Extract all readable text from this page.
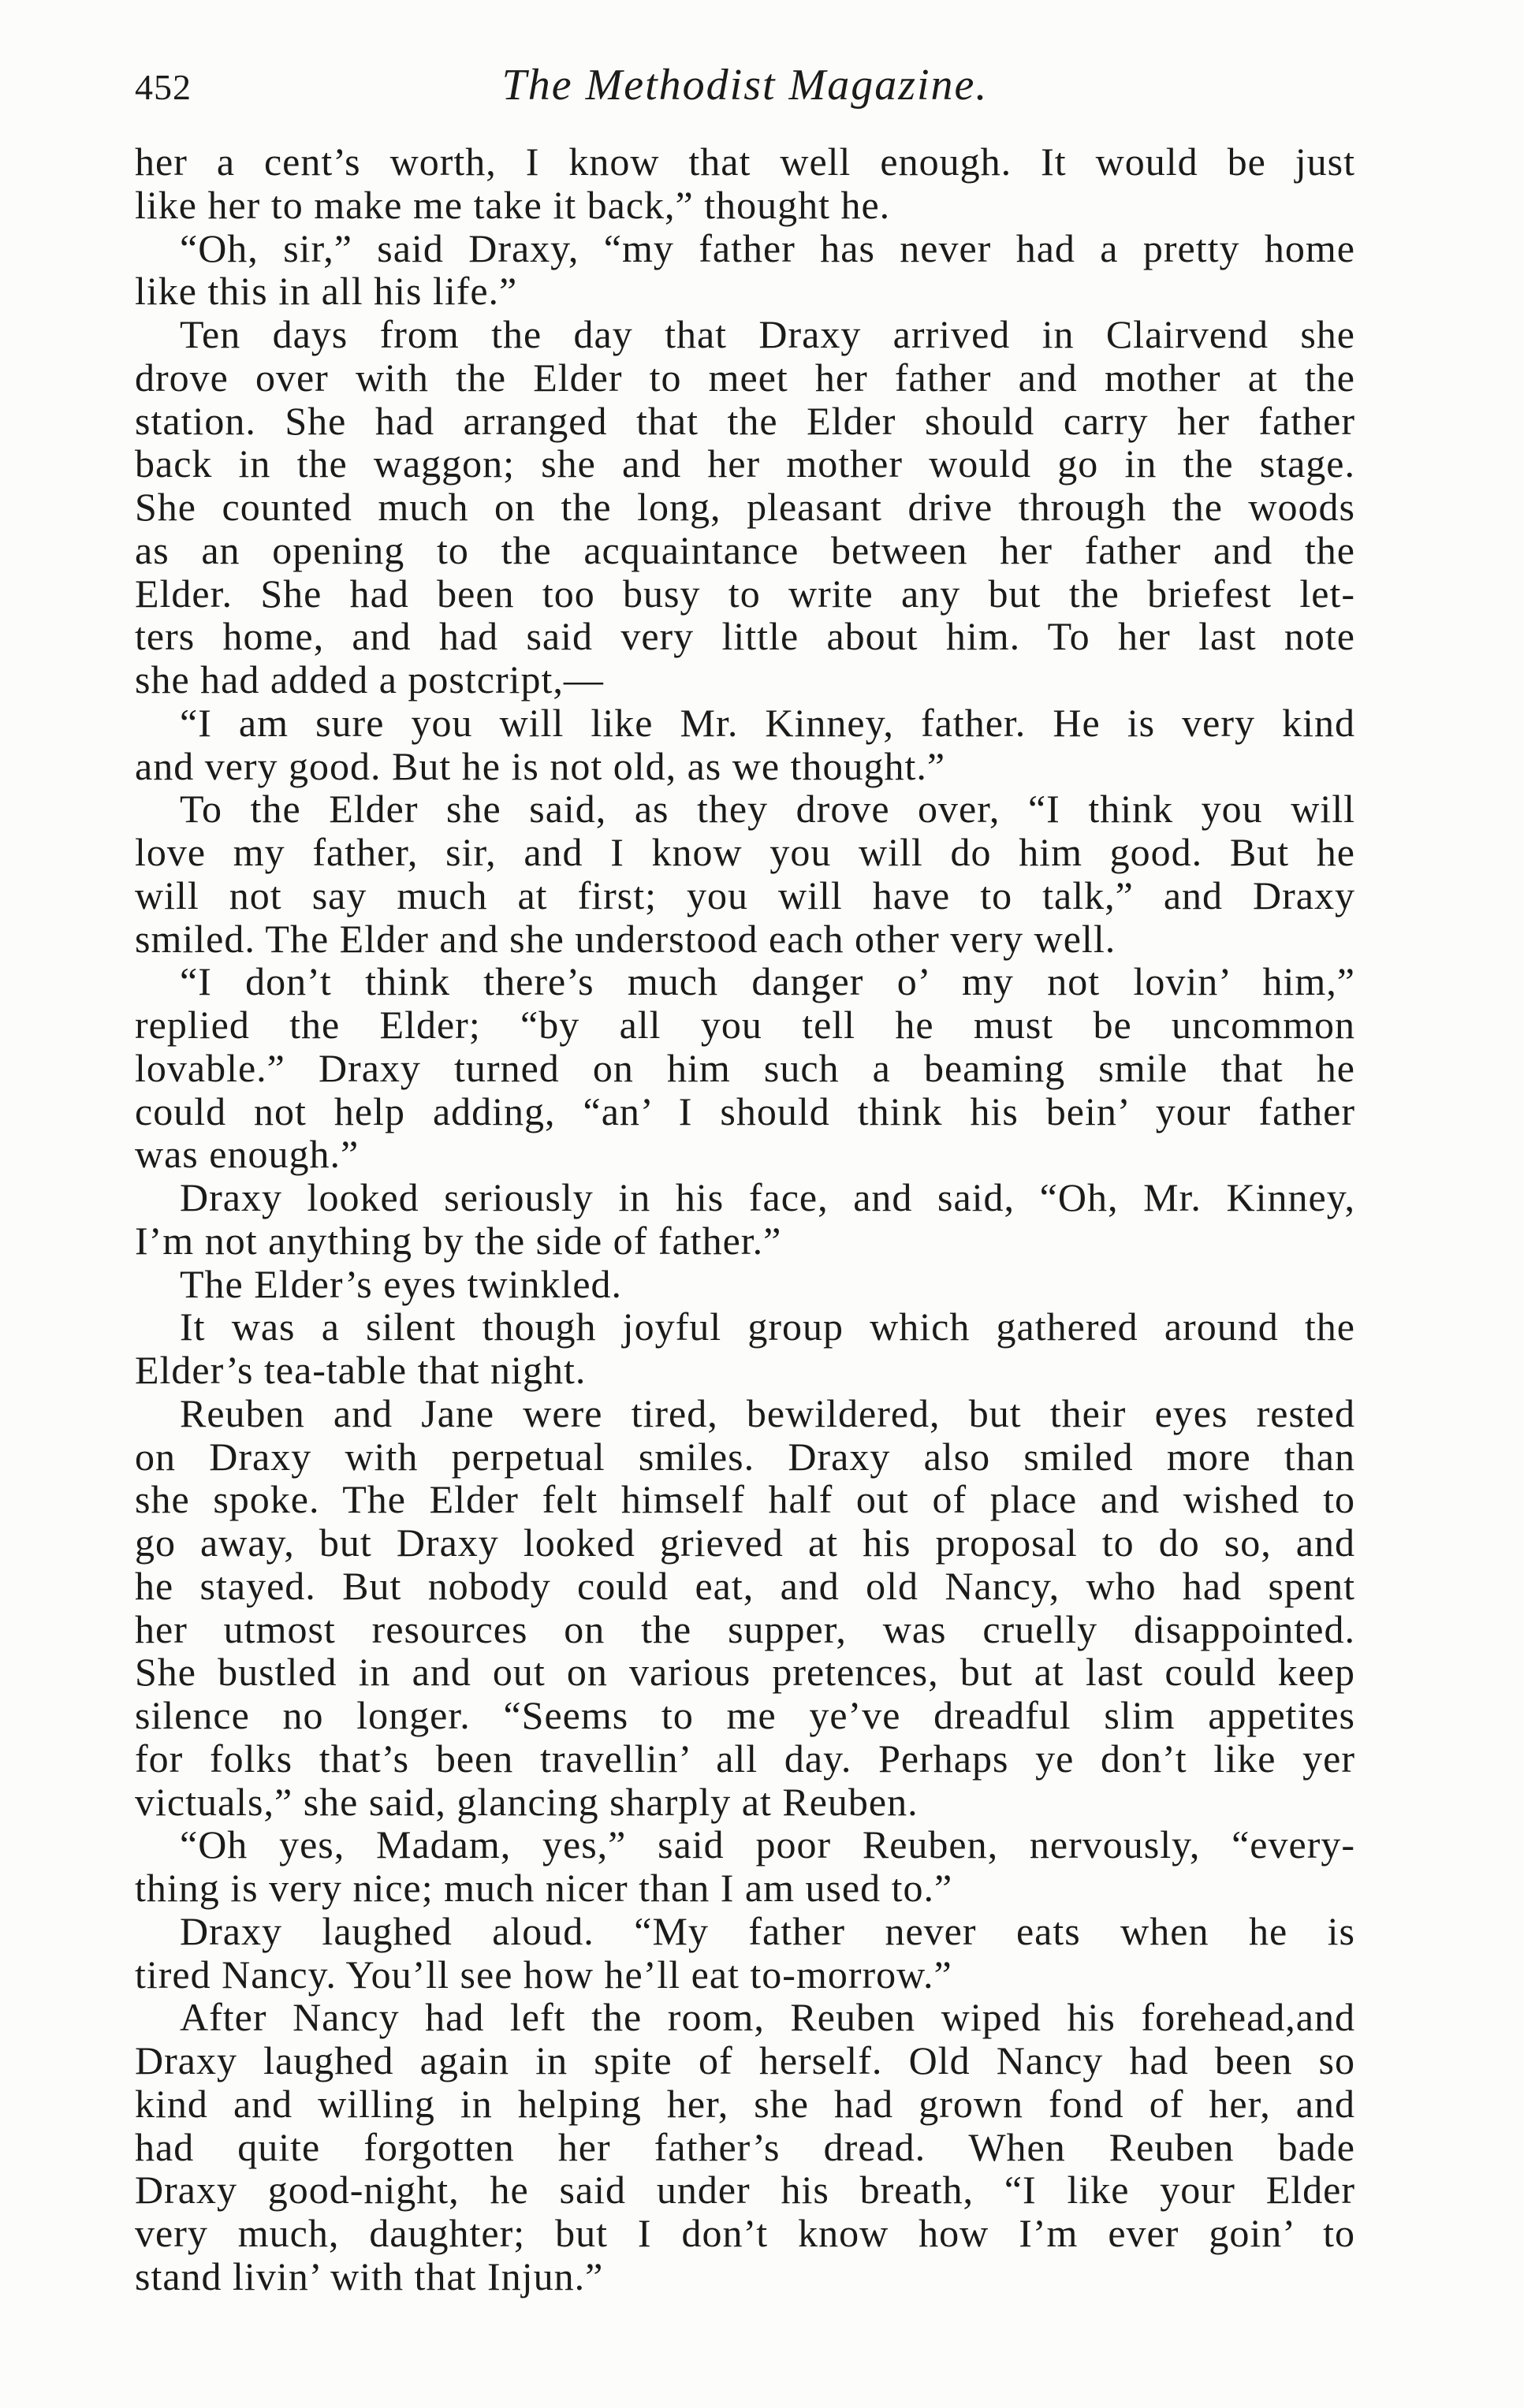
452	The Methodist Magazine.
her a cent’s worth, I know that well enough. It would be just
like her to make me take it back,” thought he.
“Oh, sir,” said Draxy, “my father has never had a pretty home
like this in all his life.”
Ten days from the day that Draxy arrived in Clairvend she
drove over with the Elder to meet her father and mother at the
station. She had arranged that the Elder should carry her father
back in the waggon; she and her mother would go in the stage.
She counted much on the long, pleasant drive through the woods
as an opening to the acquaintance between her father and the
Elder. She had been too busy to write any but the briefest let-
ters home, and had said very little about him. To her last note
she had added a postcript,—
“I am sure you will like Mr. Kinney, father. He is very kind
and very good. But he is not old, as we thought.”
To the Elder she said, as they drove over, “I think you will
love my father, sir, and I know you will do him good. But he
will not say much at first; you will have to talk,” and Draxy
smiled. The Elder and she understood each other very well.
“I don’t think there’s much danger o’ my not lovin’ him,”
replied the Elder; “by all you tell he must be uncommon
lovable.” Draxy turned on him such a beaming smile that he
could not help adding, “an’ I should think his bein’ your father
was enough.”
Draxy looked seriously in his face, and said, “Oh, Mr. Kinney,
I’m not anything by the side of father.”
The Elder’s eyes twinkled.
It was a silent though joyful group which gathered around the
Elder’s tea-table that night.
Reuben and Jane were tired, bewildered, but their eyes rested
on Draxy with perpetual smiles. Draxy also smiled more than
she spoke. The Elder felt himself half out of place and wished to
go away, but Draxy looked grieved at his proposal to do so, and
he stayed. But nobody could eat, and old Nancy, who had spent
her utmost resources on the supper, was cruelly disappointed.
She bustled in and out on various pretences, but at last could keep
silence no longer. “Seems to me ye’ve dreadful slim appetites
for folks that’s been travellin’ all day. Perhaps ye don’t like yer
victuals,” she said, glancing sharply at Reuben.
“Oh yes, Madam, yes,” said poor Reuben, nervously, “every-
thing is very nice; much nicer than I am used to.”
Draxy laughed aloud. “My father never eats when he is
tired Nancy. You’ll see how he’ll eat to-morrow.”
After Nancy had left the room, Reuben wiped his forehead,and
Draxy laughed again in spite of herself. Old Nancy had been so
kind and willing in helping her, she had grown fond of her, and
had quite forgotten her father’s dread. When Reuben bade
Draxy good-night, he said under his breath, “I like your Elder
very much, daughter; but I don’t know how I’m ever goin’ to
stand livin’ with that Injun.”
